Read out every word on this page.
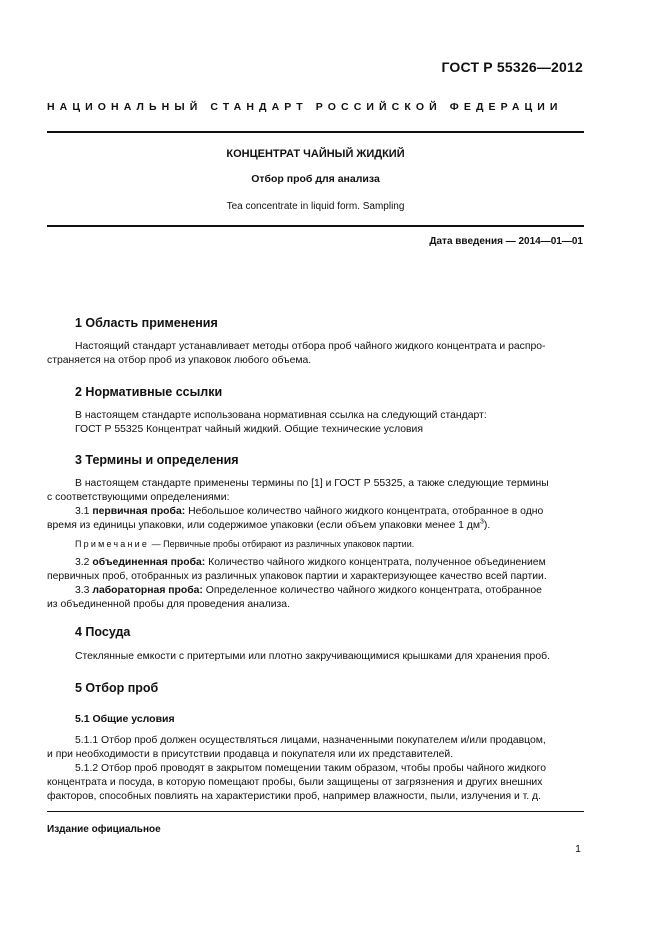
ГОСТ Р 55326—2012
НАЦИОНАЛЬНЫЙ СТАНДАРТ РОССИЙСКОЙ ФЕДЕРАЦИИ
КОНЦЕНТРАТ ЧАЙНЫЙ ЖИДКИЙ
Отбор проб для анализа
Tea concentrate in liquid form. Sampling
Дата введения — 2014—01—01
1 Область применения
Настоящий стандарт устанавливает методы отбора проб чайного жидкого концентрата и распро-
страняется на отбор проб из упаковок любого объема.
2 Нормативные ссылки
В настоящем стандарте использована нормативная ссылка на следующий стандарт:
ГОСТ Р 55325 Концентрат чайный жидкий. Общие технические условия
3 Термины и определения
В настоящем стандарте применены термины по [1] и ГОСТ Р 55325, а также следующие термины
с соответствующими определениями:
3.1 первичная проба: Небольшое количество чайного жидкого концентрата, отобранное в одно
время из единицы упаковки, или содержимое упаковки (если объем упаковки менее 1 $дм^3$).
Примечание — Первичные пробы отбирают из различных упаковок партии.
3.2 объединенная проба: Количество чайного жидкого концентрата, полученное объединением
первичных проб, отобранных из различных упаковок партии и характеризующее качество всей партии.
3.3 лабораторная проба: Определенное количество чайного жидкого концентрата, отобранное
из объединенной пробы для проведения анализа.
4 Посуда
Стеклянные емкости с притертыми или плотно закручивающимися крышками для хранения проб.
5 Отбор проб
5.1 Общие условия
5.1.1 Отбор проб должен осуществляться лицами, назначенными покупателем и/или продавцом,
и при необходимости в присутствии продавца и покупателя или их представителей.
5.1.2 Отбор проб проводят в закрытом помещении таким образом, чтобы пробы чайного жидкого
концентрата и посуда, в которую помещают пробы, были защищены от загрязнения и других внешних
факторов, способных повлиять на характеристики проб, например влажности, пыли, излучения и т. д.
Издание официальное
1
